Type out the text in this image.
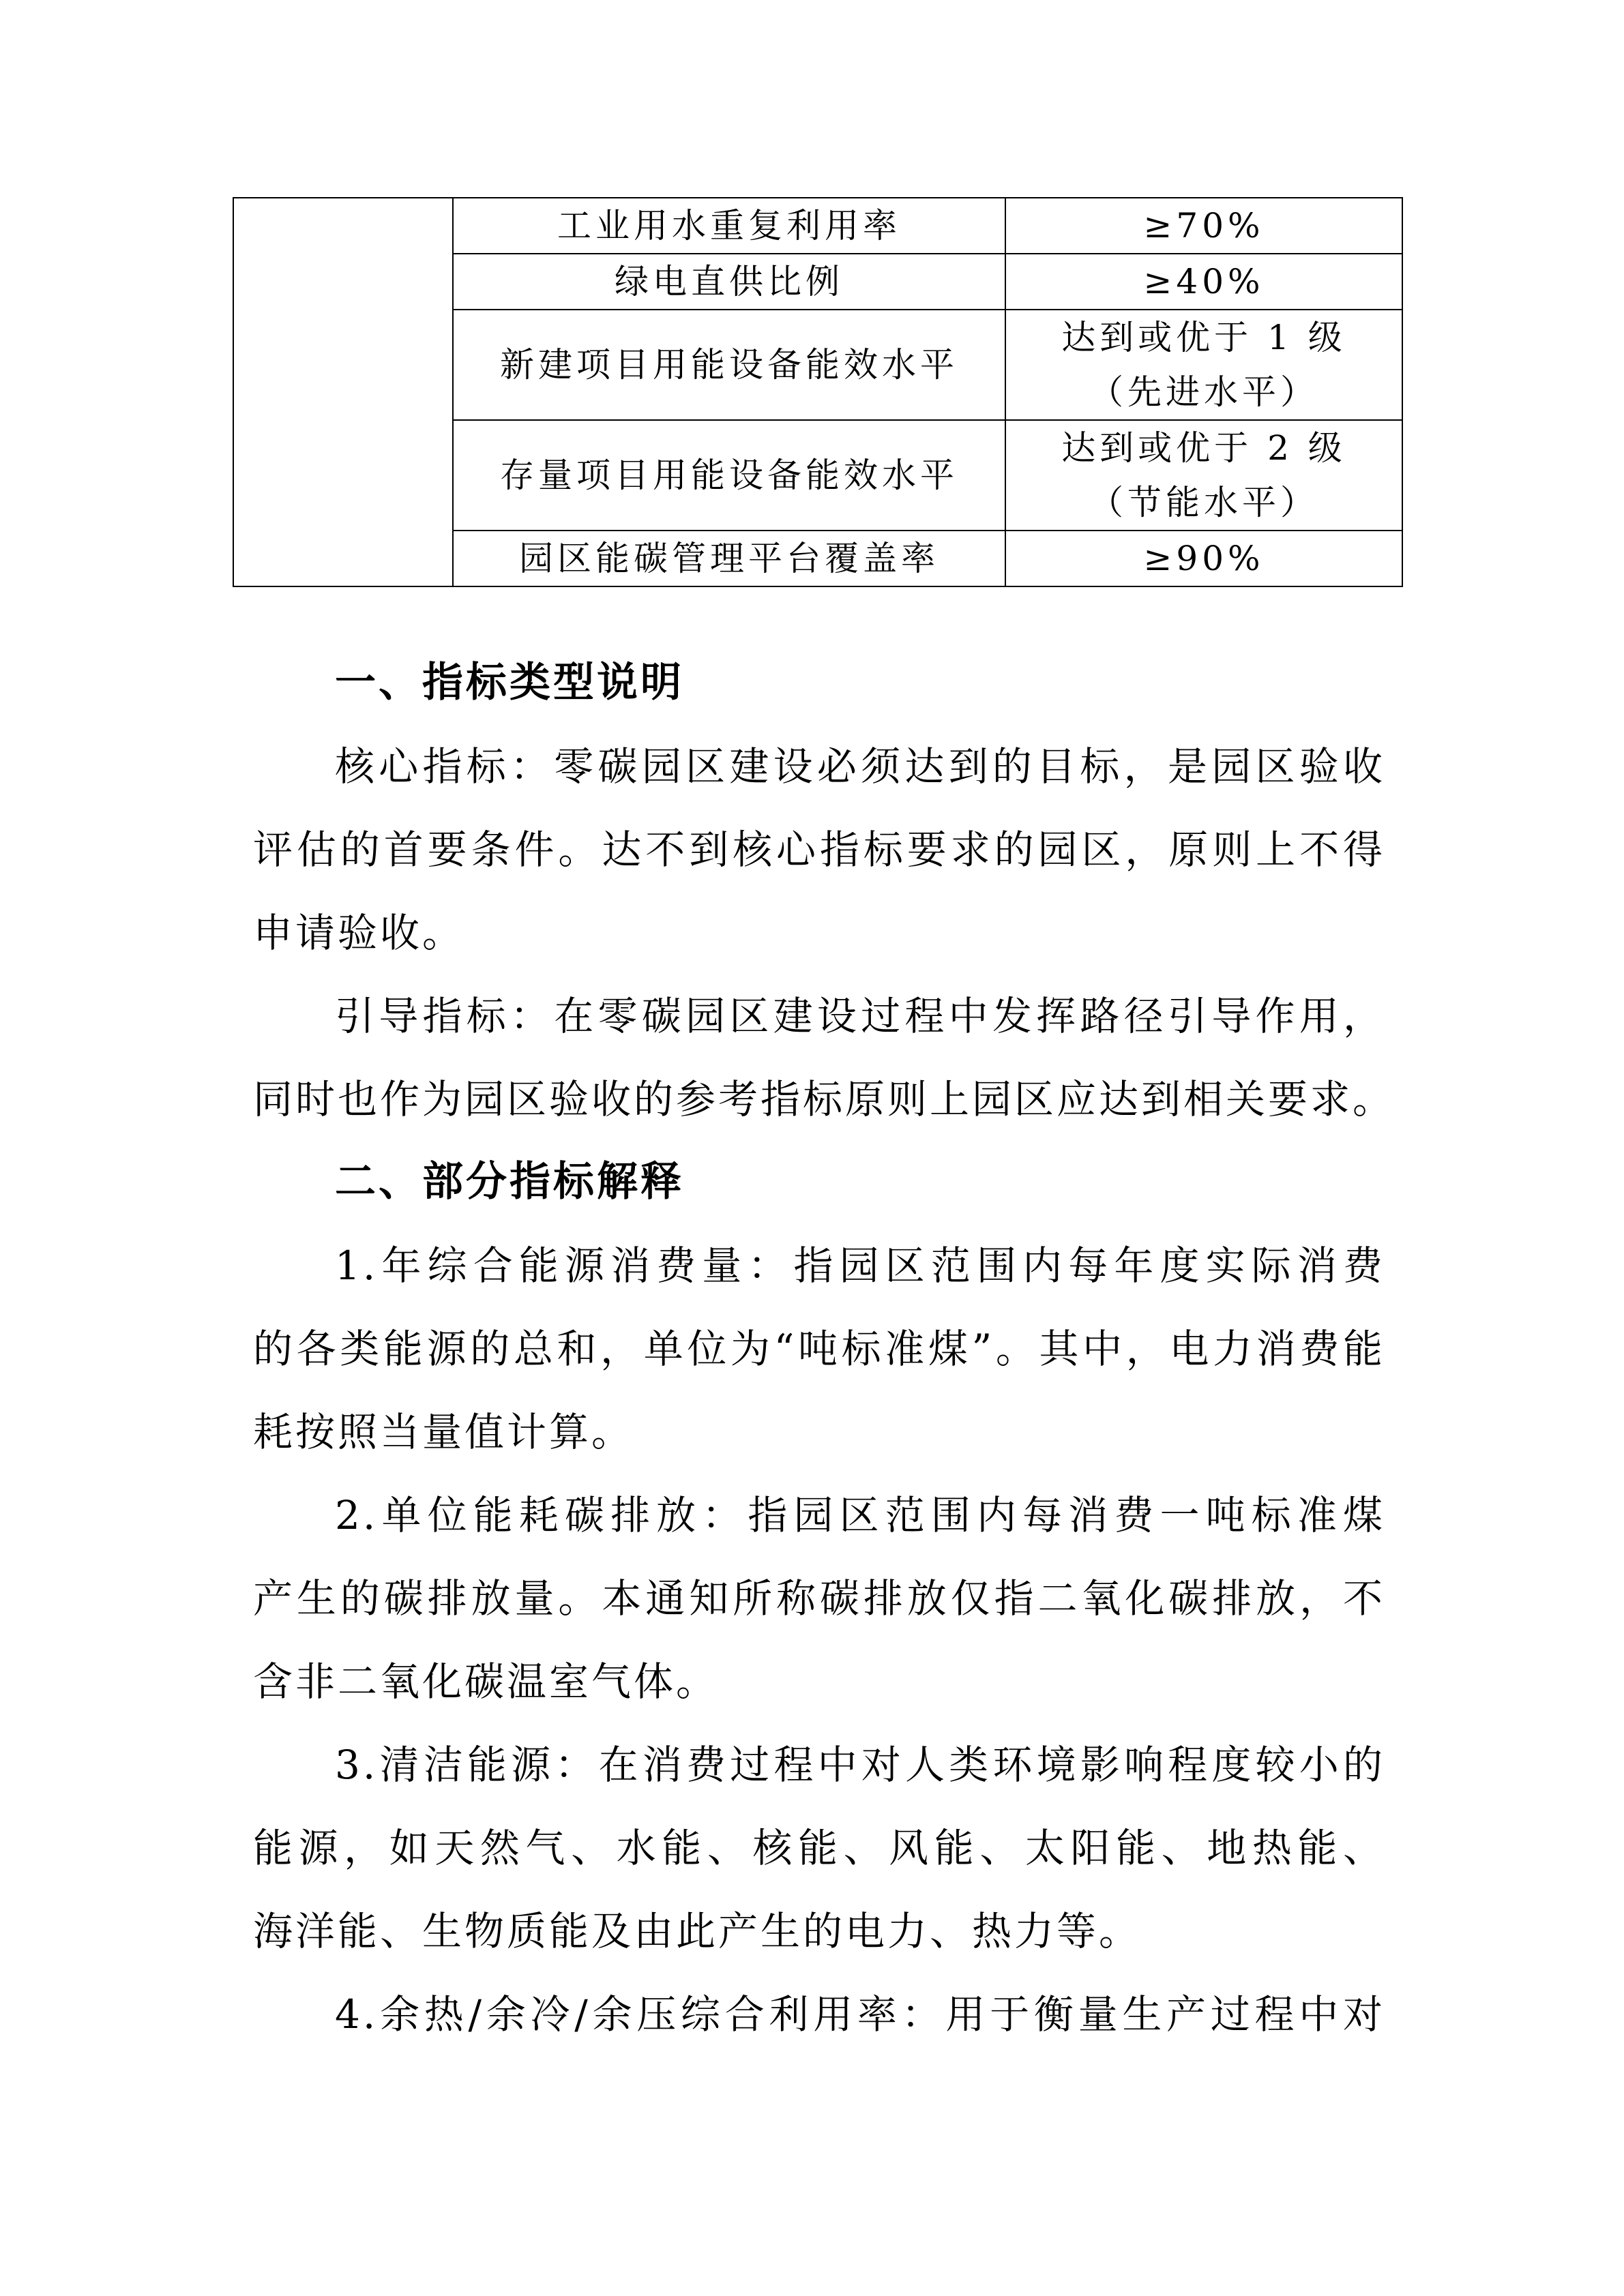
	工业用水重复利用率	≥70%

	绿电直供比例	≥40%

	新建项目用能设备能效水平	达到或优于 1 级
（先进水平）

	存量项目用能设备能效水平	达到或优于 2 级
（节能水平）

	园区能碳管理平台覆盖率	≥90%
一、指标类型说明
核心指标：零碳园区建设必须达到的目标，是园区验收
评估的首要条件。达不到核心指标要求的园区，原则上不得
申请验收。
引导指标：在零碳园区建设过程中发挥路径引导作用，
同时也作为园区验收的参考指标原则上园区应达到相关要求。
二、部分指标解释
1.年综合能源消费量：指园区范围内每年度实际消费
的各类能源的总和，单位为“吨标准煤”。其中，电力消费能
耗按照当量值计算。
2.单位能耗碳排放：指园区范围内每消费一吨标准煤
产生的碳排放量。本通知所称碳排放仅指二氧化碳排放，不
含非二氧化碳温室气体。
3.清洁能源：在消费过程中对人类环境影响程度较小的
能源，如天然气、水能、核能、风能、太阳能、地热能、
海洋能、生物质能及由此产生的电力、热力等。
4.余热/余冷/余压综合利用率：用于衡量生产过程中对
